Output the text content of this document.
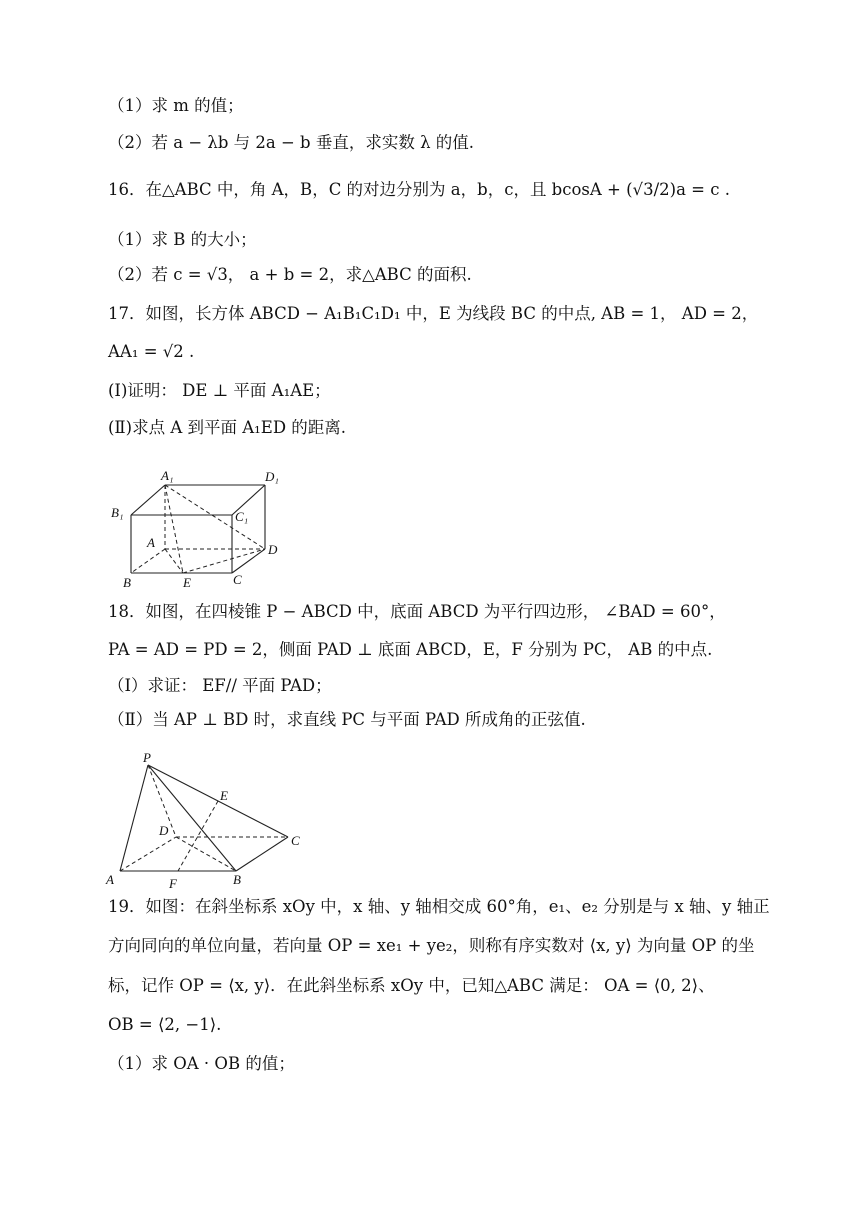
（1）求 m 的值；
（2）若 a − λb 与 2a − b 垂直，求实数 λ 的值.
16．在△ABC 中，角 A，B，C 的对边分别为 a，b，c，且 bcosA + (√3/2)a = c .
（1）求 B 的大小；
（2）若 c = √3， a + b = 2，求△ABC 的面积.
17．如图，长方体 ABCD − A₁B₁C₁D₁ 中，E 为线段 BC 的中点, AB = 1， AD = 2，
AA₁ = √2 .
(Ⅰ)证明： DE ⊥ 平面 A₁AE；
(Ⅱ)求点 A 到平面 A₁ED 的距离.
A₁	D₁
B₁	C₁
A	D
B	E	C
18．如图，在四棱锥 P − ABCD 中，底面 ABCD 为平行四边形， ∠BAD = 60°，
PA = AD = PD = 2，侧面 PAD ⊥ 底面 ABCD，E，F 分别为 PC， AB 的中点.
（Ⅰ）求证： EF// 平面 PAD；
（Ⅱ）当 AP ⊥ BD 时，求直线 PC 与平面 PAD 所成角的正弦值.
P
E
D
C
A	F	B
19．如图：在斜坐标系 xOy 中，x 轴、y 轴相交成 60°角，e₁、e₂ 分别是与 x 轴、y 轴正
方向同向的单位向量，若向量 OP = xe₁ + ye₂，则称有序实数对 ⟨x, y⟩ 为向量 OP 的坐
标，记作 OP = ⟨x, y⟩．在此斜坐标系 xOy 中，已知△ABC 满足： OA = ⟨0, 2⟩、
OB = ⟨2, −1⟩.
（1）求 OA · OB 的值；
